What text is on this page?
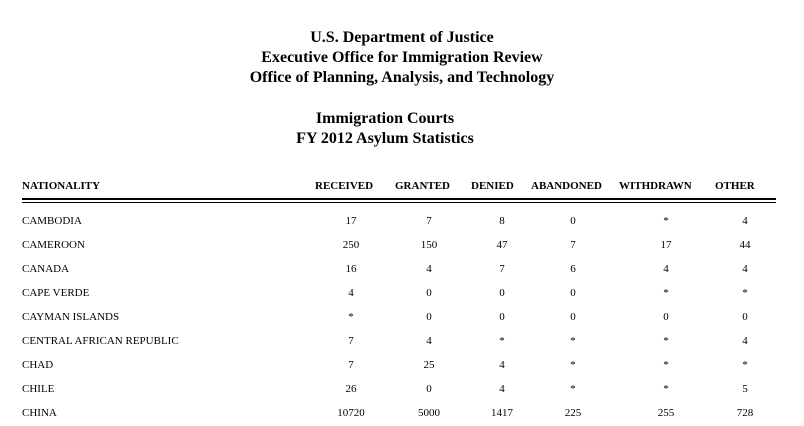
U.S. Department of Justice
Executive Office for Immigration Review
Office of Planning, Analysis, and Technology
Immigration Courts
FY 2012 Asylum Statistics
NATIONALITY	RECEIVED GRANTED DENIED ABANDONED WITHDRAWN OTHER
CAMBODIA	17	7	8	0	*	4
CAMEROON	250	150	47	7	17	44
CANADA	16	4	7	6	4	4
CAPE VERDE	4	0	0	0	*	*
CAYMAN ISLANDS	*	0	0	0	0	0
CENTRAL AFRICAN REPUBLIC	7	4	*	*	*	4
CHAD	7	25	4	*	*	*
CHILE	26	0	4	*	*	5
CHINA	10720	5000	1417	225	255	728
